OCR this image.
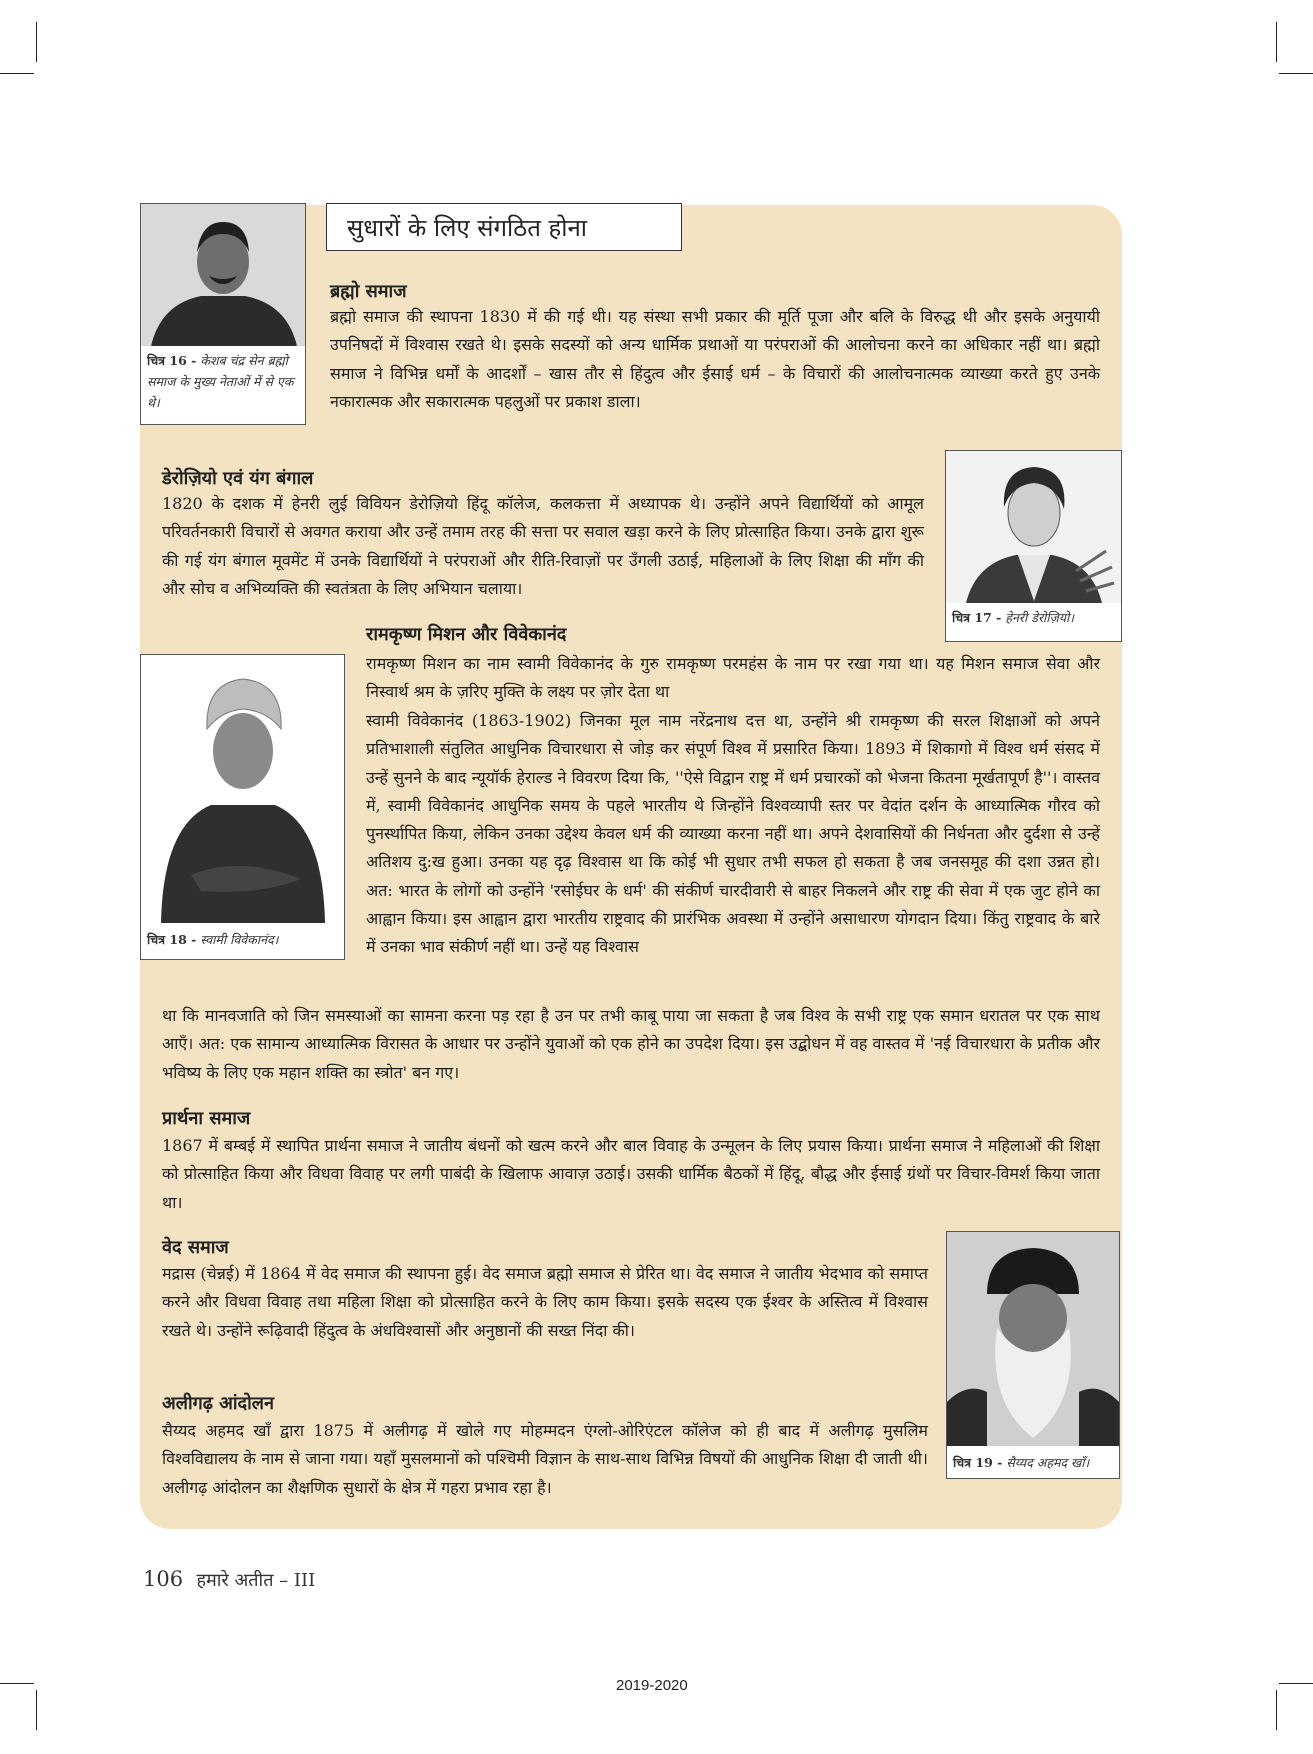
सुधारों के लिए संगठित होना
चित्र 16 - केशब चंद्र सेन ब्रह्मो समाज के मुख्य नेताओं में से एक थे।
ब्रह्मो समाज

ब्रह्मो समाज की स्थापना 1830 में की गई थी। यह संस्था सभी प्रकार की मूर्ति पूजा और बलि के विरुद्ध थी और इसके अनुयायी उपनिषदों में विश्वास रखते थे। इसके सदस्यों को अन्य धार्मिक प्रथाओं या परंपराओं की आलोचना करने का अधिकार नहीं था। ब्रह्मो समाज ने विभिन्न धर्मों के आदर्शों – खास तौर से हिंदुत्व और ईसाई धर्म – के विचारों की आलोचनात्मक व्याख्या करते हुए उनके नकारात्मक और सकारात्मक पहलुओं पर प्रकाश डाला।

डेरोज़ियो एवं यंग बंगाल

1820 के दशक में हेनरी लुई विवियन डेरोज़ियो हिंदू कॉलेज, कलकत्ता में अध्यापक थे। उन्होंने अपने विद्यार्थियों को आमूल परिवर्तनकारी विचारों से अवगत कराया और उन्हें तमाम तरह की सत्ता पर सवाल खड़ा करने के लिए प्रोत्साहित किया। उनके द्वारा शुरू की गई यंग बंगाल मूवमेंट में उनके विद्यार्थियों ने परंपराओं और रीति-रिवाज़ों पर उँगली उठाई, महिलाओं के लिए शिक्षा की माँग की और सोच व अभिव्यक्ति की स्वतंत्रता के लिए अभियान चलाया।

चित्र 17 - हेनरी डेरोज़ियो।
रामकृष्ण मिशन और विवेकानंद

रामकृष्ण मिशन का नाम स्वामी विवेकानंद के गुरु रामकृष्ण परमहंस के नाम पर रखा गया था। यह मिशन समाज सेवा और निस्वार्थ श्रम के ज़रिए मुक्ति के लक्ष्य पर ज़ोर देता था

स्वामी विवेकानंद (1863-1902) जिनका मूल नाम नरेंद्रनाथ दत्त था, उन्होंने श्री रामकृष्ण की सरल शिक्षाओं को अपने प्रतिभाशाली संतुलित आधुनिक विचारधारा से जोड़ कर संपूर्ण विश्व में प्रसारित किया। 1893 में शिकागो में विश्व धर्म संसद में उन्हें सुनने के बाद न्यूयॉर्क हेराल्ड ने विवरण दिया कि, ''ऐसे विद्वान राष्ट्र में धर्म प्रचारकों को भेजना कितना मूर्खतापूर्ण है''। वास्तव में, स्वामी विवेकानंद आधुनिक समय के पहले भारतीय थे जिन्होंने विश्वव्यापी स्तर पर वेदांत दर्शन के आध्यात्मिक गौरव को पुनर्स्थापित किया, लेकिन उनका उद्देश्य केवल धर्म की व्याख्या करना नहीं था। अपने देशवासियों की निर्धनता और दुर्दशा से उन्हें अतिशय दु:ख हुआ। उनका यह दृढ़ विश्वास था कि कोई भी सुधार तभी सफल हो सकता है जब जनसमूह की दशा उन्नत हो। अत: भारत के लोगों को उन्होंने 'रसोईघर के धर्म' की संकीर्ण चारदीवारी से बाहर निकलने और राष्ट्र की सेवा में एक जुट होने का आह्वान किया। इस आह्वान द्वारा भारतीय राष्ट्रवाद की प्रारंभिक अवस्था में उन्होंने असाधारण योगदान दिया। किंतु राष्ट्रवाद के बारे में उनका भाव संकीर्ण नहीं था। उन्हें यह विश्वास

था कि मानवजाति को जिन समस्याओं का सामना करना पड़ रहा है उन पर तभी काबू पाया जा सकता है जब विश्व के सभी राष्ट्र एक समान धरातल पर एक साथ आएँ। अत: एक सामान्य आध्यात्मिक विरासत के आधार पर उन्होंने युवाओं को एक होने का उपदेश दिया। इस उद्बोधन में वह वास्तव में 'नई विचारधारा के प्रतीक और भविष्य के लिए एक महान शक्ति का स्त्रोत' बन गए।

चित्र 18 - स्वामी विवेकानंद।
प्रार्थना समाज

1867 में बम्बई में स्थापित प्रार्थना समाज ने जातीय बंधनों को खत्म करने और बाल विवाह के उन्मूलन के लिए प्रयास किया। प्रार्थना समाज ने महिलाओं की शिक्षा को प्रोत्साहित किया और विधवा विवाह पर लगी पाबंदी के खिलाफ आवाज़ उठाई। उसकी धार्मिक बैठकों में हिंदू, बौद्ध और ईसाई ग्रंथों पर विचार-विमर्श किया जाता था।

वेद समाज

मद्रास (चेन्नई) में 1864 में वेद समाज की स्थापना हुई। वेद समाज ब्रह्मो समाज से प्रेरित था। वेद समाज ने जातीय भेदभाव को समाप्त करने और विधवा विवाह तथा महिला शिक्षा को प्रोत्साहित करने के लिए काम किया। इसके सदस्य एक ईश्वर के अस्तित्व में विश्वास रखते थे। उन्होंने रूढ़िवादी हिंदुत्व के अंधविश्वासों और अनुष्ठानों की सख्त निंदा की।

अलीगढ़ आंदोलन

सैय्यद अहमद खाँ द्वारा 1875 में अलीगढ़ में खोले गए मोहम्मदन एंग्लो-ओरिएंटल कॉलेज को ही बाद में अलीगढ़ मुसलिम विश्वविद्यालय के नाम से जाना गया। यहाँ मुसलमानों को पश्चिमी विज्ञान के साथ-साथ विभिन्न विषयों की आधुनिक शिक्षा दी जाती थी। अलीगढ़ आंदोलन का शैक्षणिक सुधारों के क्षेत्र में गहरा प्रभाव रहा है।

चित्र 19 - सैय्यद अहमद खाँ।
106 हमारे अतीत – III
2019-2020
